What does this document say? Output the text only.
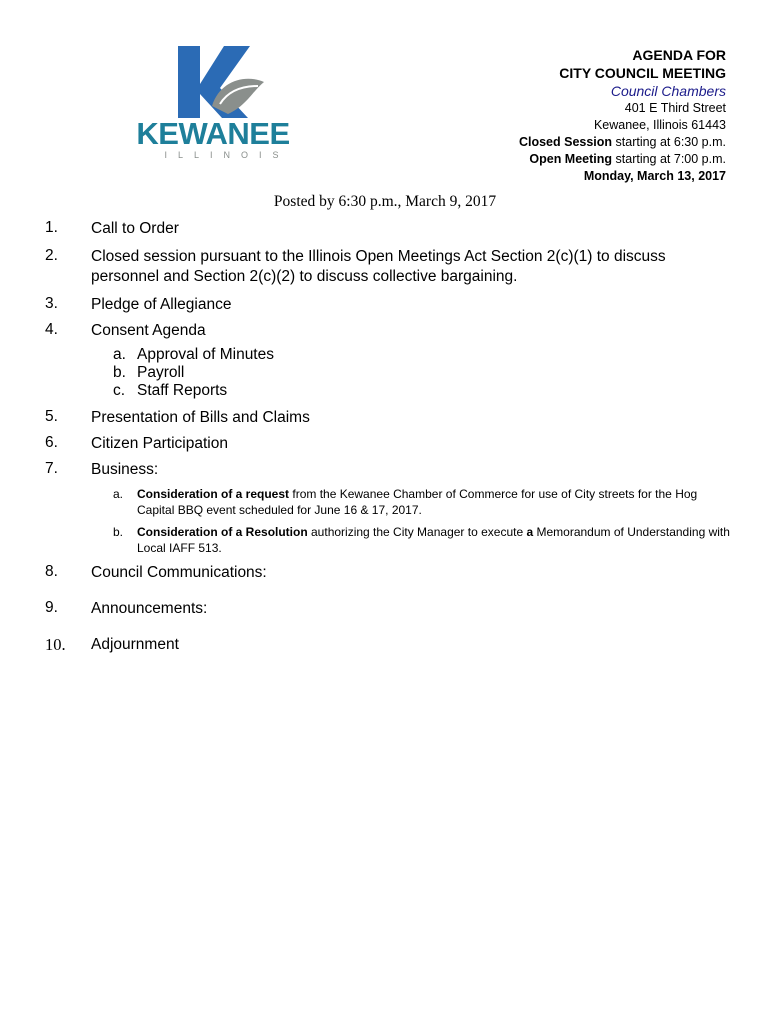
KEWANEE
ILLINOIS
AGENDA FOR
CITY COUNCIL MEETING
Council Chambers
401 E Third Street
Kewanee, Illinois 61443
Closed Session starting at 6:30 p.m.
Open Meeting starting at 7:00 p.m.
Monday, March 13, 2017
Posted by 6:30 p.m., March 9, 2017
1. Call to Order
2. Closed session pursuant to the Illinois Open Meetings Act Section 2(c)(1) to discuss personnel and Section 2(c)(2) to discuss collective bargaining.
3. Pledge of Allegiance
4. Consent Agenda
a. Approval of Minutes
b. Payroll
c. Staff Reports
5. Presentation of Bills and Claims
6. Citizen Participation
7. Business:
a. Consideration of a request from the Kewanee Chamber of Commerce for use of City streets for the Hog Capital BBQ event scheduled for June 16 & 17, 2017.
b. Consideration of a Resolution authorizing the City Manager to execute a Memorandum of Understanding with Local IAFF 513.
8. Council Communications:
9. Announcements:
10. Adjournment
